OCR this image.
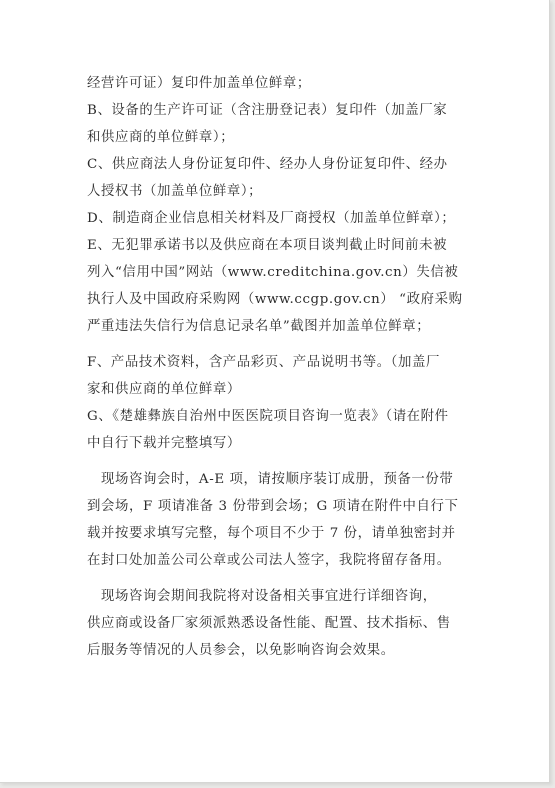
经营许可证）复印件加盖单位鲜章；
B、设备的生产许可证（含注册登记表）复印件（加盖厂家
和供应商的单位鲜章）；
C、供应商法人身份证复印件、经办人身份证复印件、经办
人授权书（加盖单位鲜章）；
D、制造商企业信息相关材料及厂商授权（加盖单位鲜章）；
E、无犯罪承诺书以及供应商在本项目谈判截止时间前未被
列入“信用中国”网站（www.creditchina.gov.cn）失信被
执行人及中国政府采购网（www.ccgp.gov.cn） “政府采购
严重违法失信行为信息记录名单”截图并加盖单位鲜章；
F、产品技术资料，含产品彩页、产品说明书等。（加盖厂
家和供应商的单位鲜章）
G、《楚雄彝族自治州中医医院项目咨询一览表》（请在附件
中自行下载并完整填写）
现场咨询会时，A-E 项，请按顺序装订成册，预备一份带
到会场，F 项请准备 3 份带到会场；G 项请在附件中自行下
载并按要求填写完整，每个项目不少于 7 份，请单独密封并
在封口处加盖公司公章或公司法人签字，我院将留存备用。
现场咨询会期间我院将对设备相关事宜进行详细咨询，
供应商或设备厂家须派熟悉设备性能、配置、技术指标、售
后服务等情况的人员参会，以免影响咨询会效果。
